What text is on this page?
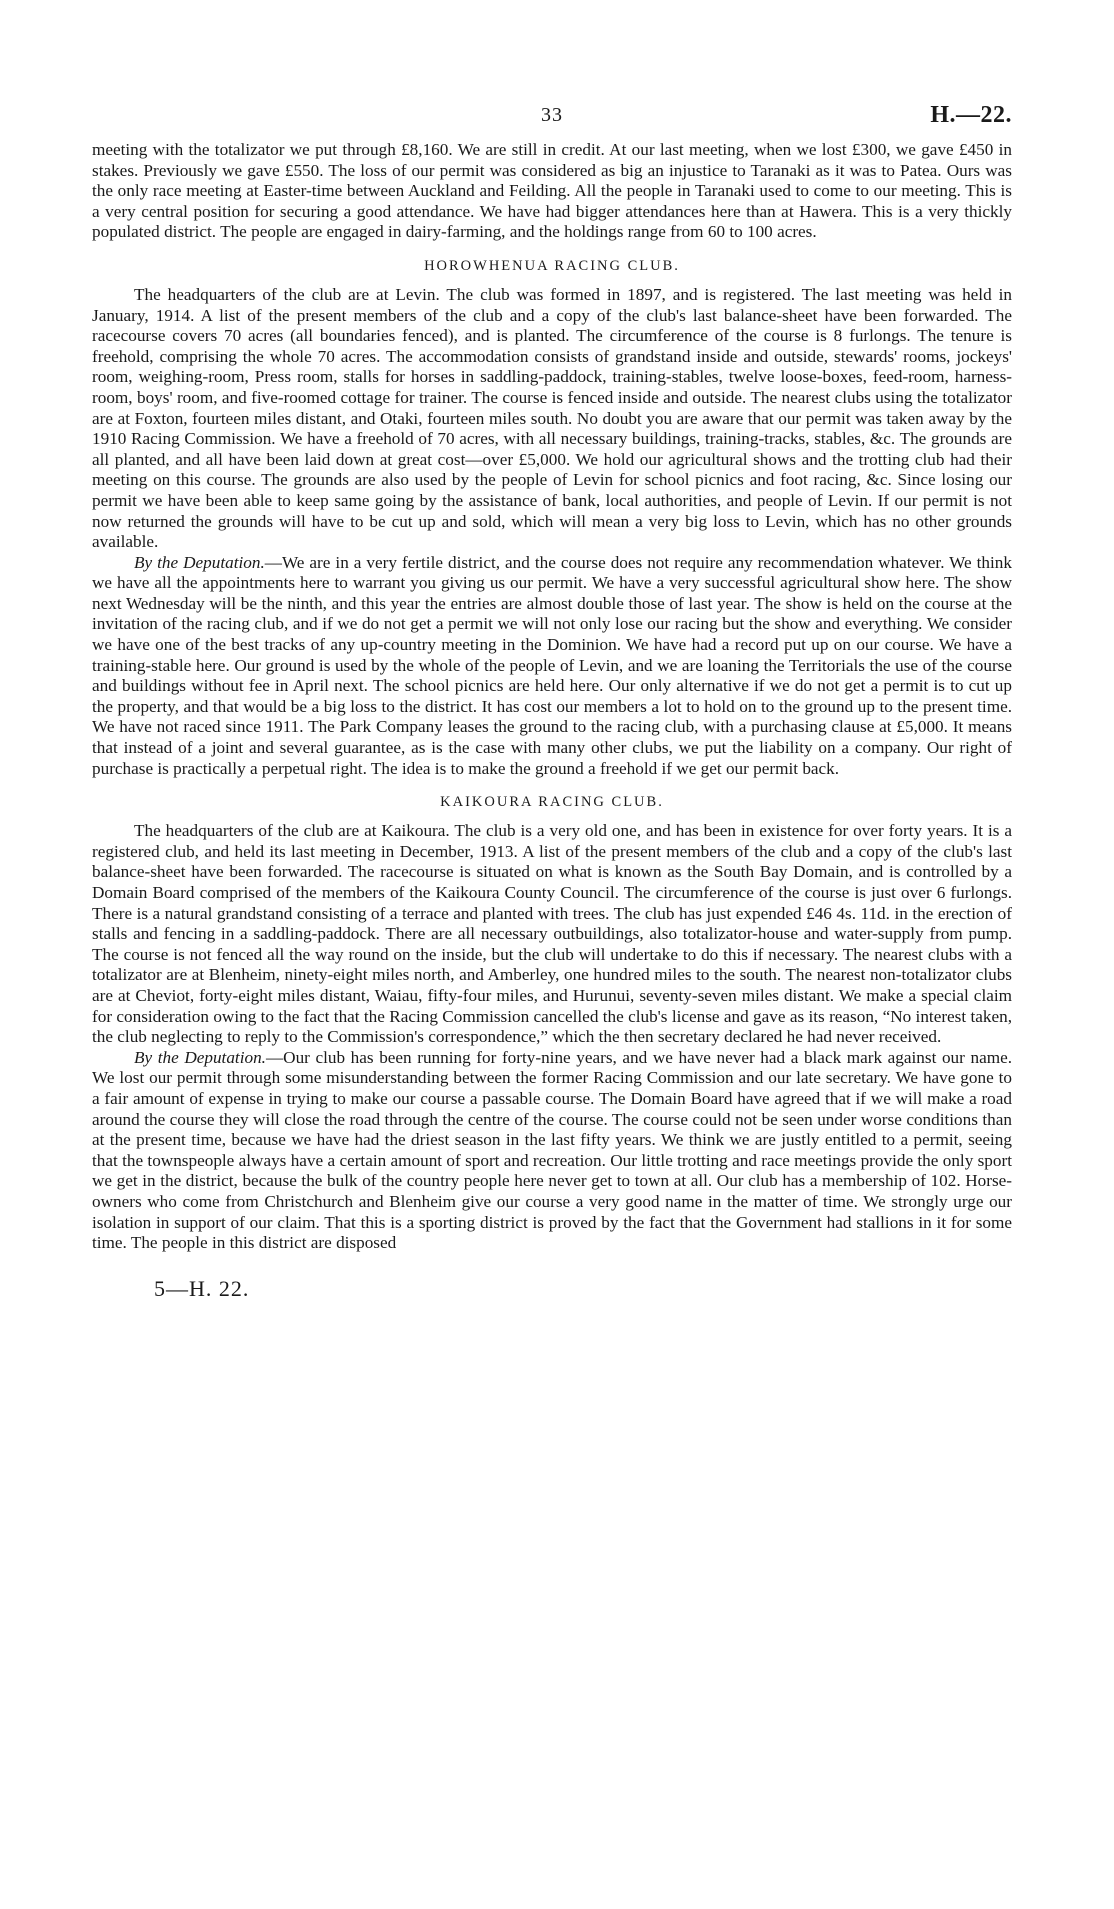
33	H.—22.

meeting with the totalizator we put through £8,160. We are still in credit. At our last meeting, when we lost £300, we gave £450 in stakes. Previously we gave £550. The loss of our permit was considered as big an injustice to Taranaki as it was to Patea. Ours was the only race meeting at Easter-time between Auckland and Feilding. All the people in Taranaki used to come to our meeting. This is a very central position for securing a good attendance. We have had bigger attendances here than at Hawera. This is a very thickly populated district. The people are engaged in dairy-farming, and the holdings range from 60 to 100 acres.

HOROWHENUA RACING CLUB.

The headquarters of the club are at Levin. The club was formed in 1897, and is registered. The last meeting was held in January, 1914. A list of the present members of the club and a copy of the club's last balance-sheet have been forwarded. The racecourse covers 70 acres (all boundaries fenced), and is planted. The circumference of the course is 8 furlongs. The tenure is freehold, comprising the whole 70 acres. The accommodation consists of grandstand inside and outside, stewards' rooms, jockeys' room, weighing-room, Press room, stalls for horses in saddling-paddock, training-stables, twelve loose-boxes, feed-room, harness-room, boys' room, and five-roomed cottage for trainer. The course is fenced inside and outside. The nearest clubs using the totalizator are at Foxton, fourteen miles distant, and Otaki, fourteen miles south. No doubt you are aware that our permit was taken away by the 1910 Racing Commission. We have a freehold of 70 acres, with all necessary buildings, training-tracks, stables, &c. The grounds are all planted, and all have been laid down at great cost—over £5,000. We hold our agricultural shows and the trotting club had their meeting on this course. The grounds are also used by the people of Levin for school picnics and foot racing, &c. Since losing our permit we have been able to keep same going by the assistance of bank, local authorities, and people of Levin. If our permit is not now returned the grounds will have to be cut up and sold, which will mean a very big loss to Levin, which has no other grounds available.

By the Deputation.—We are in a very fertile district, and the course does not require any recommendation whatever. We think we have all the appointments here to warrant you giving us our permit. We have a very successful agricultural show here. The show next Wednesday will be the ninth, and this year the entries are almost double those of last year. The show is held on the course at the invitation of the racing club, and if we do not get a permit we will not only lose our racing but the show and everything. We consider we have one of the best tracks of any up-country meeting in the Dominion. We have had a record put up on our course. We have a training-stable here. Our ground is used by the whole of the people of Levin, and we are loaning the Territorials the use of the course and buildings without fee in April next. The school picnics are held here. Our only alternative if we do not get a permit is to cut up the property, and that would be a big loss to the district. It has cost our members a lot to hold on to the ground up to the present time. We have not raced since 1911. The Park Company leases the ground to the racing club, with a purchasing clause at £5,000. It means that instead of a joint and several guarantee, as is the case with many other clubs, we put the liability on a company. Our right of purchase is practically a perpetual right. The idea is to make the ground a freehold if we get our permit back.

KAIKOURA RACING CLUB.

The headquarters of the club are at Kaikoura. The club is a very old one, and has been in existence for over forty years. It is a registered club, and held its last meeting in December, 1913. A list of the present members of the club and a copy of the club's last balance-sheet have been forwarded. The racecourse is situated on what is known as the South Bay Domain, and is controlled by a Domain Board comprised of the members of the Kaikoura County Council. The circumference of the course is just over 6 furlongs. There is a natural grandstand consisting of a terrace and planted with trees. The club has just expended £46 4s. 11d. in the erection of stalls and fencing in a saddling-paddock. There are all necessary outbuildings, also totalizator-house and water-supply from pump. The course is not fenced all the way round on the inside, but the club will undertake to do this if necessary. The nearest clubs with a totalizator are at Blenheim, ninety-eight miles north, and Amberley, one hundred miles to the south. The nearest non-totalizator clubs are at Cheviot, forty-eight miles distant, Waiau, fifty-four miles, and Hurunui, seventy-seven miles distant. We make a special claim for consideration owing to the fact that the Racing Commission cancelled the club's license and gave as its reason, “No interest taken, the club neglecting to reply to the Commission's correspondence,” which the then secretary declared he had never received.

By the Deputation.—Our club has been running for forty-nine years, and we have never had a black mark against our name. We lost our permit through some misunderstanding between the former Racing Commission and our late secretary. We have gone to a fair amount of expense in trying to make our course a passable course. The Domain Board have agreed that if we will make a road around the course they will close the road through the centre of the course. The course could not be seen under worse conditions than at the present time, because we have had the driest season in the last fifty years. We think we are justly entitled to a permit, seeing that the townspeople always have a certain amount of sport and recreation. Our little trotting and race meetings provide the only sport we get in the district, because the bulk of the country people here never get to town at all. Our club has a membership of 102. Horse-owners who come from Christchurch and Blenheim give our course a very good name in the matter of time. We strongly urge our isolation in support of our claim. That this is a sporting district is proved by the fact that the Government had stallions in it for some time. The people in this district are disposed

5—H. 22.
